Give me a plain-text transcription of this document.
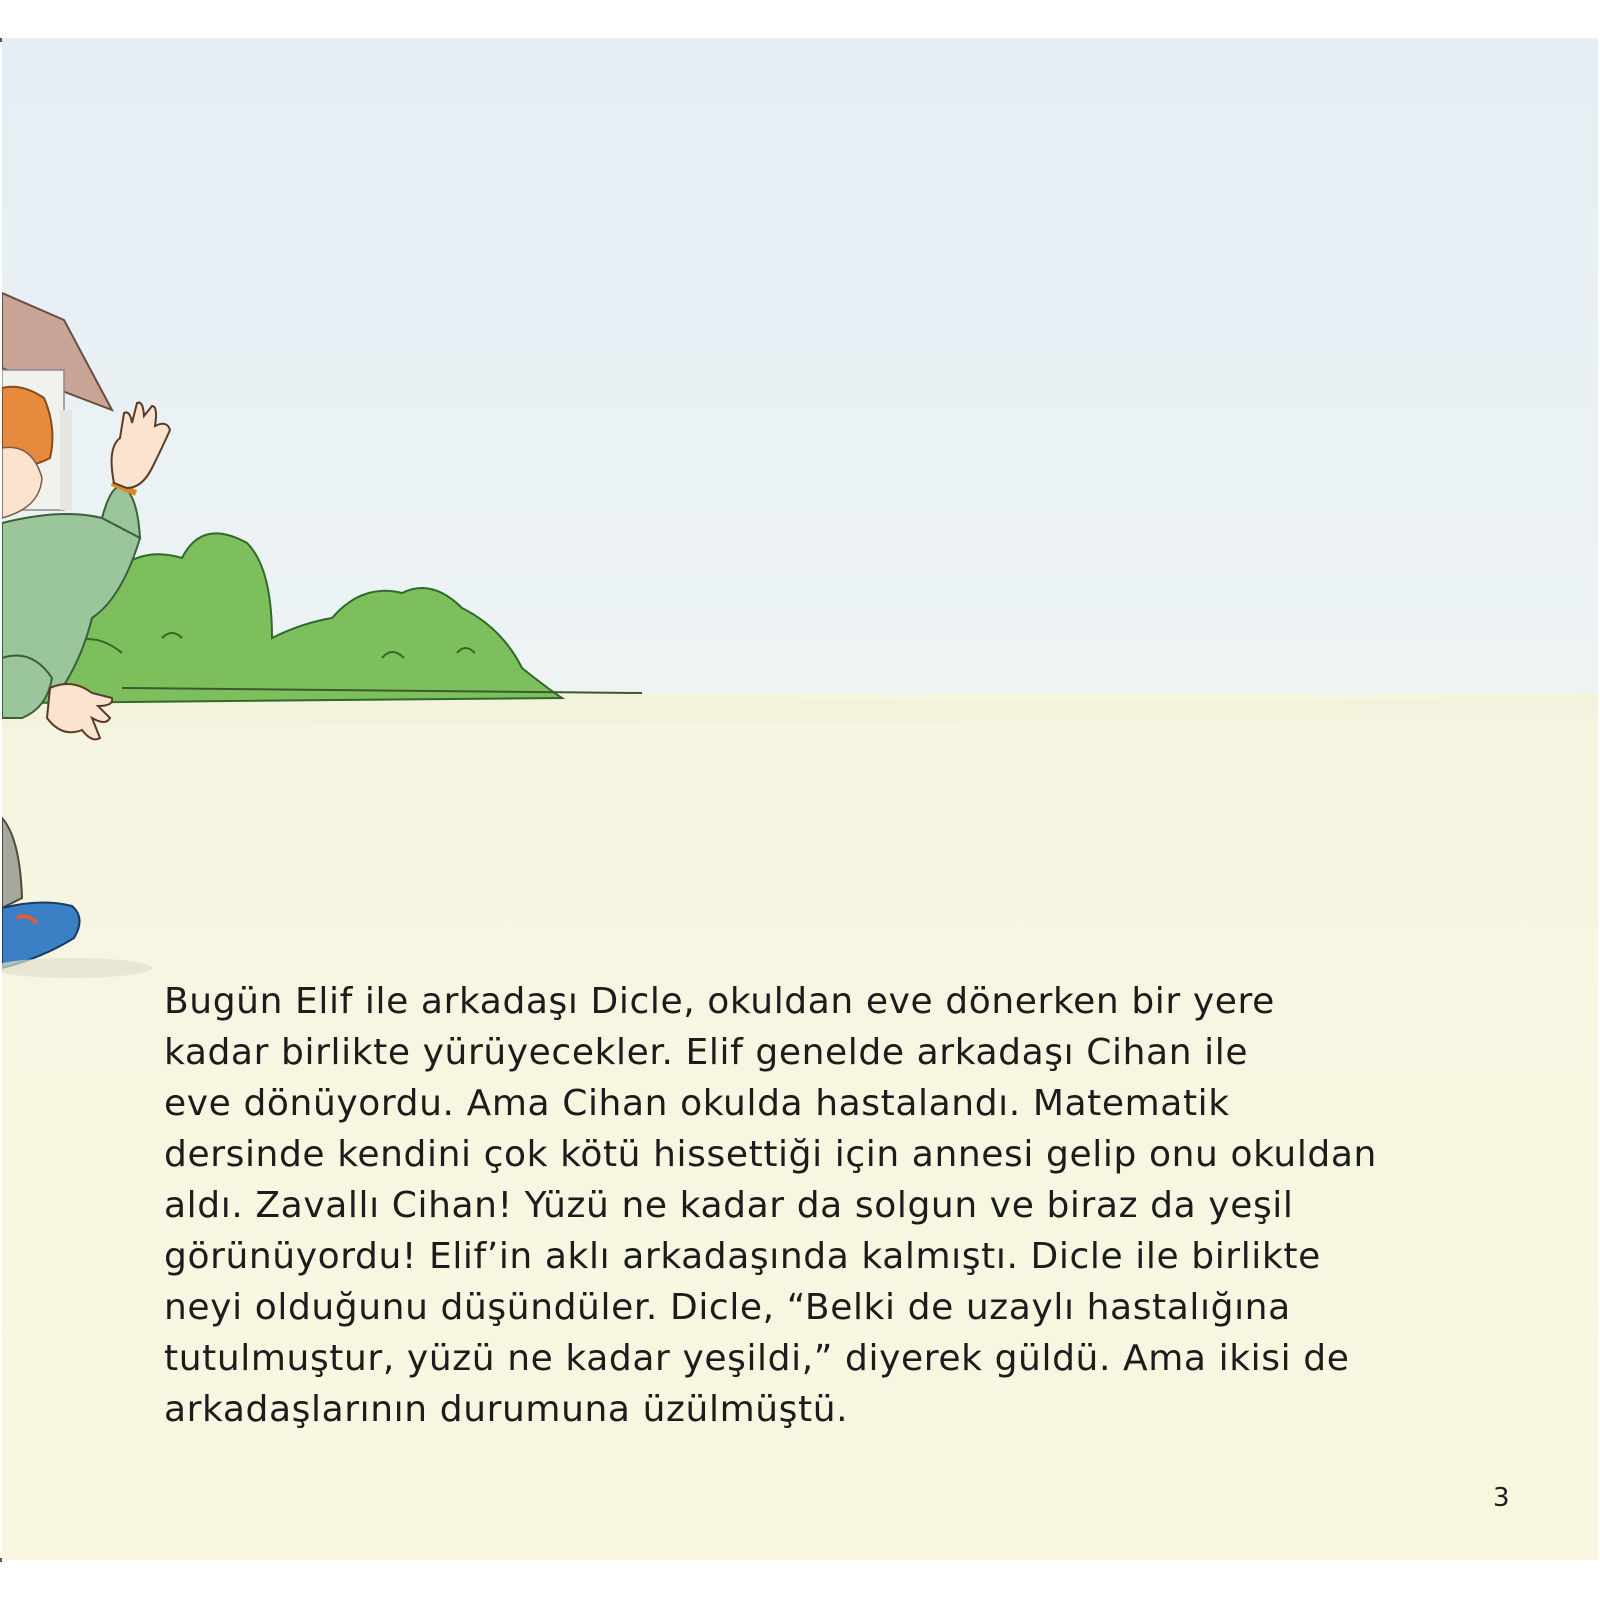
Bugün Elif ile arkadaşı Dicle, okuldan eve dönerken bir yere
kadar birlikte yürüyecekler. Elif genelde arkadaşı Cihan ile
eve dönüyordu. Ama Cihan okulda hastalandı. Matematik
dersinde kendini çok kötü hissettiği için annesi gelip onu okuldan
aldı. Zavallı Cihan! Yüzü ne kadar da solgun ve biraz da yeşil
görünüyordu! Elif’in aklı arkadaşında kalmıştı. Dicle ile birlikte
neyi olduğunu düşündüler. Dicle, “Belki de uzaylı hastalığına
tutulmuştur, yüzü ne kadar yeşildi,” diyerek güldü. Ama ikisi de
arkadaşlarının durumuna üzülmüştü.

3
